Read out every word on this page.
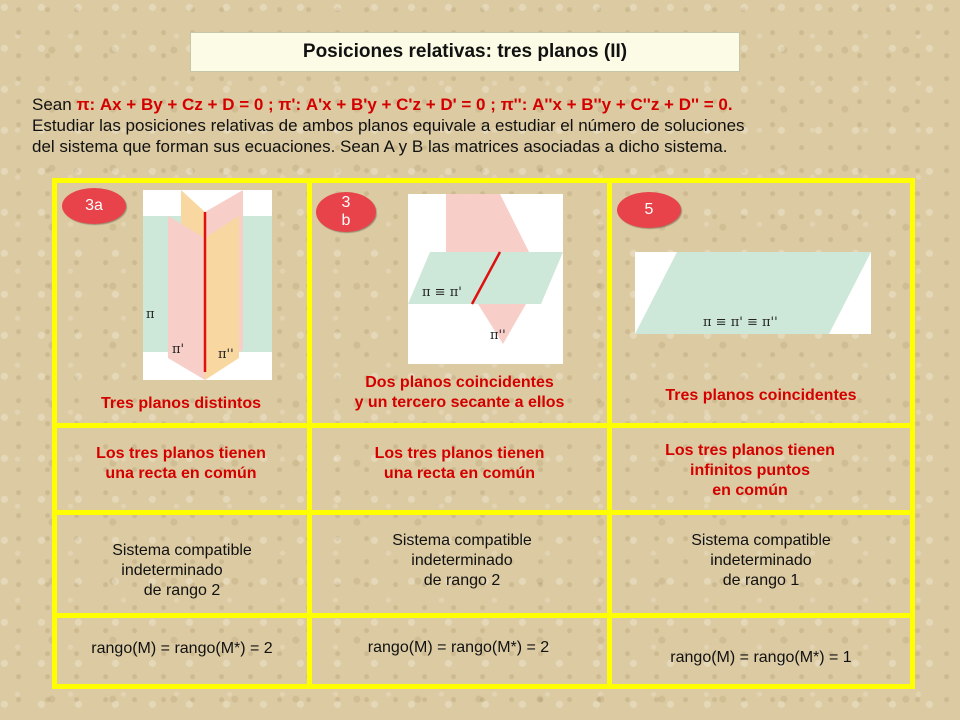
Posiciones relativas: tres planos (II)
Sean π: Ax + By + Cz + D = 0 ; π': A'x + B'y + C'z + D' = 0 ; π'': A''x + B''y + C''z + D'' = 0.
Estudiar las posiciones relativas de ambos planos equivale a estudiar el número de soluciones
del sistema que forman sus ecuaciones. Sean A y B las matrices asociadas a dicho sistema.
3a
π
π'	π''
Tres planos distintos
Los tres planos tienen
una recta en común
Sistema compatible
indeterminado
de rango 2
rango(M) = rango(M*) = 2
3
b
π ≡ π'
π''
Dos planos coincidentes
y un tercero secante a ellos
Los tres planos tienen
una recta en común
Sistema compatible
indeterminado
de rango 2
rango(M) = rango(M*) = 2
5
π ≡ π' ≡ π''
Tres planos coincidentes
Los tres planos tienen
infinitos puntos
en común
Sistema compatible
indeterminado
de rango 1
rango(M) = rango(M*) = 1
